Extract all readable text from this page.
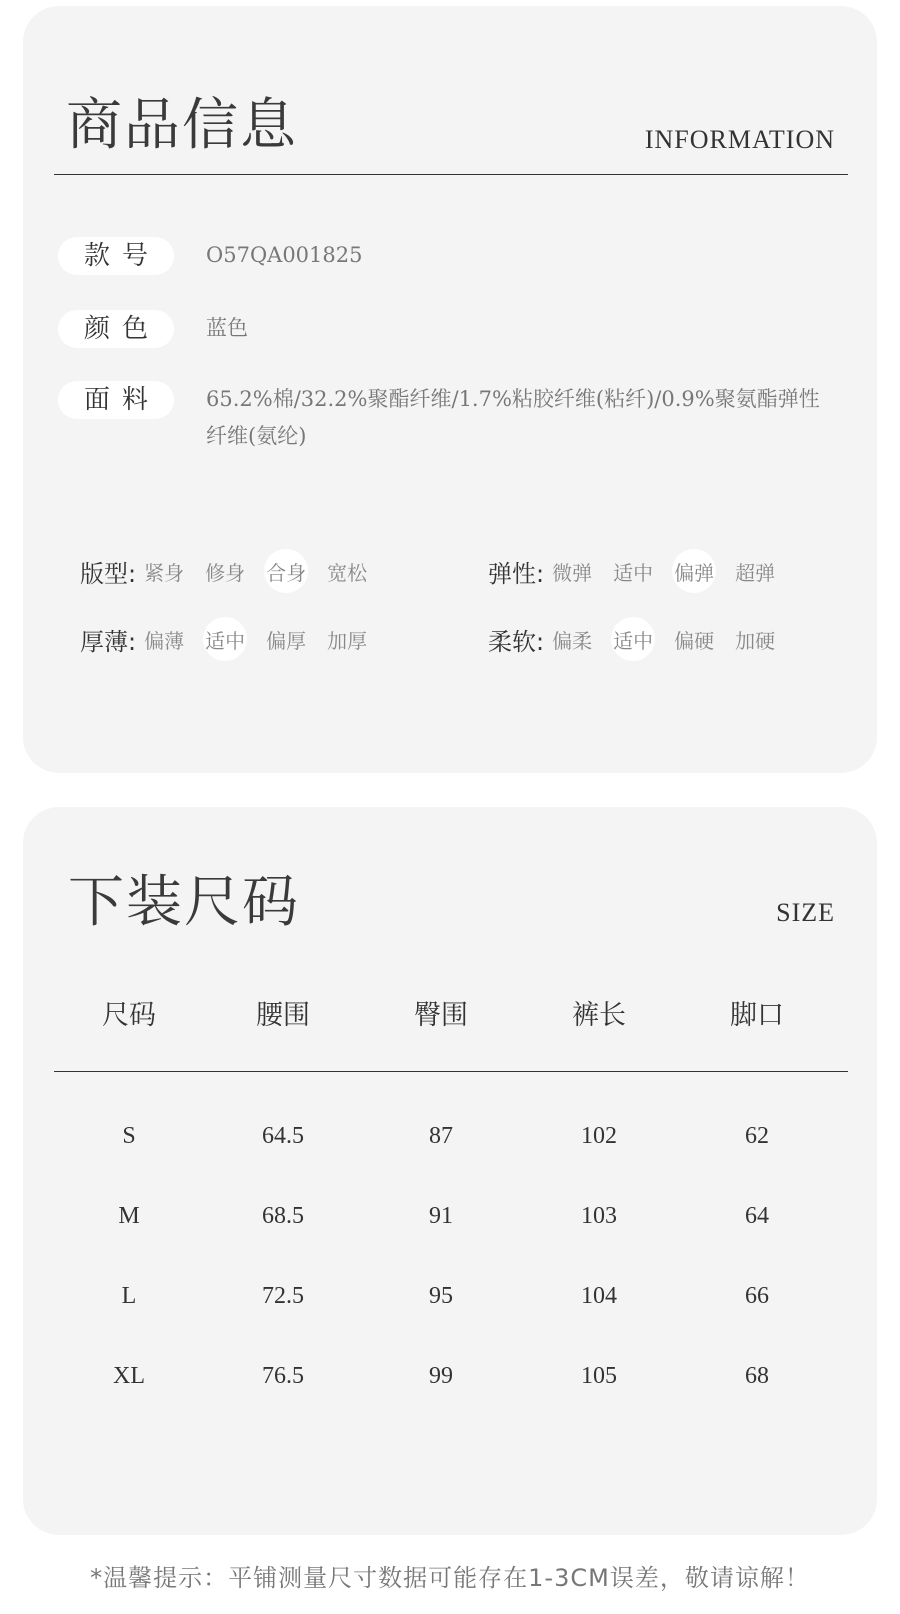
商品信息	INFORMATION
款号	O57QA001825
颜色	蓝色
面料	65.2%棉/32.2%聚酯纤维/1.7%粘胶纤维(粘纤)/0.9%聚氨酯弹性
纤维(氨纶)
版型: 紧身 修身 合身 宽松	弹性: 微弹 适中 偏弹 超弹
厚薄: 偏薄 适中 偏厚 加厚	柔软: 偏柔 适中 偏硬 加硬
下装尺码	SIZE
尺码	腰围	臀围	裤长	脚口
S	64.5	87	102	62
M	68.5	91	103	64
L	72.5	95	104	66
XL	76.5	99	105	68
*温馨提示：平铺测量尺寸数据可能存在1-3CM误差，敬请谅解！
